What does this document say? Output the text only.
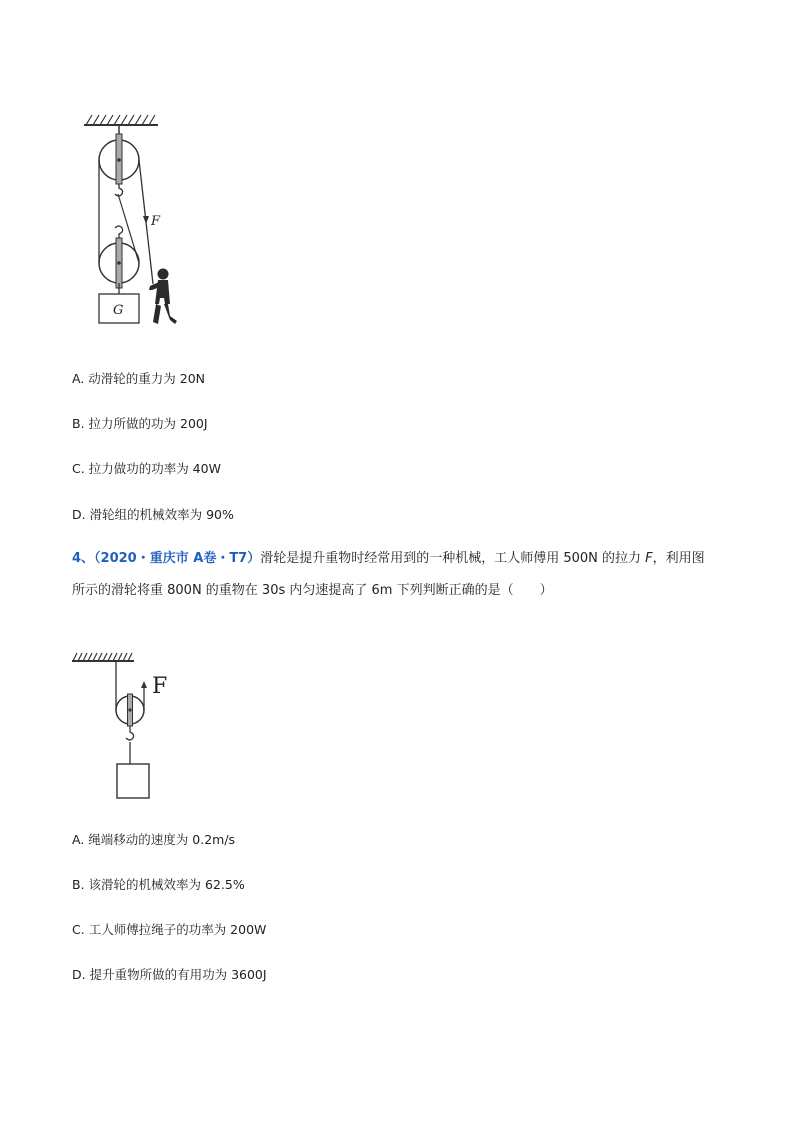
F
G
A. 动滑轮的重力为 20N
B. 拉力所做的功为 200J
C. 拉力做功的功率为 40W
D. 滑轮组的机械效率为 90%
4、（2020・重庆市 A卷・T7）滑轮是提升重物时经常用到的一种机械，工人师傅用 500N 的拉力 F，利用图
所示的滑轮将重 800N 的重物在 30s 内匀速提高了 6m 下列判断正确的是（　　）
F
A. 绳端移动的速度为 0.2m/s
B. 该滑轮的机械效率为 62.5%
C. 工人师傅拉绳子的功率为 200W
D. 提升重物所做的有用功为 3600J
